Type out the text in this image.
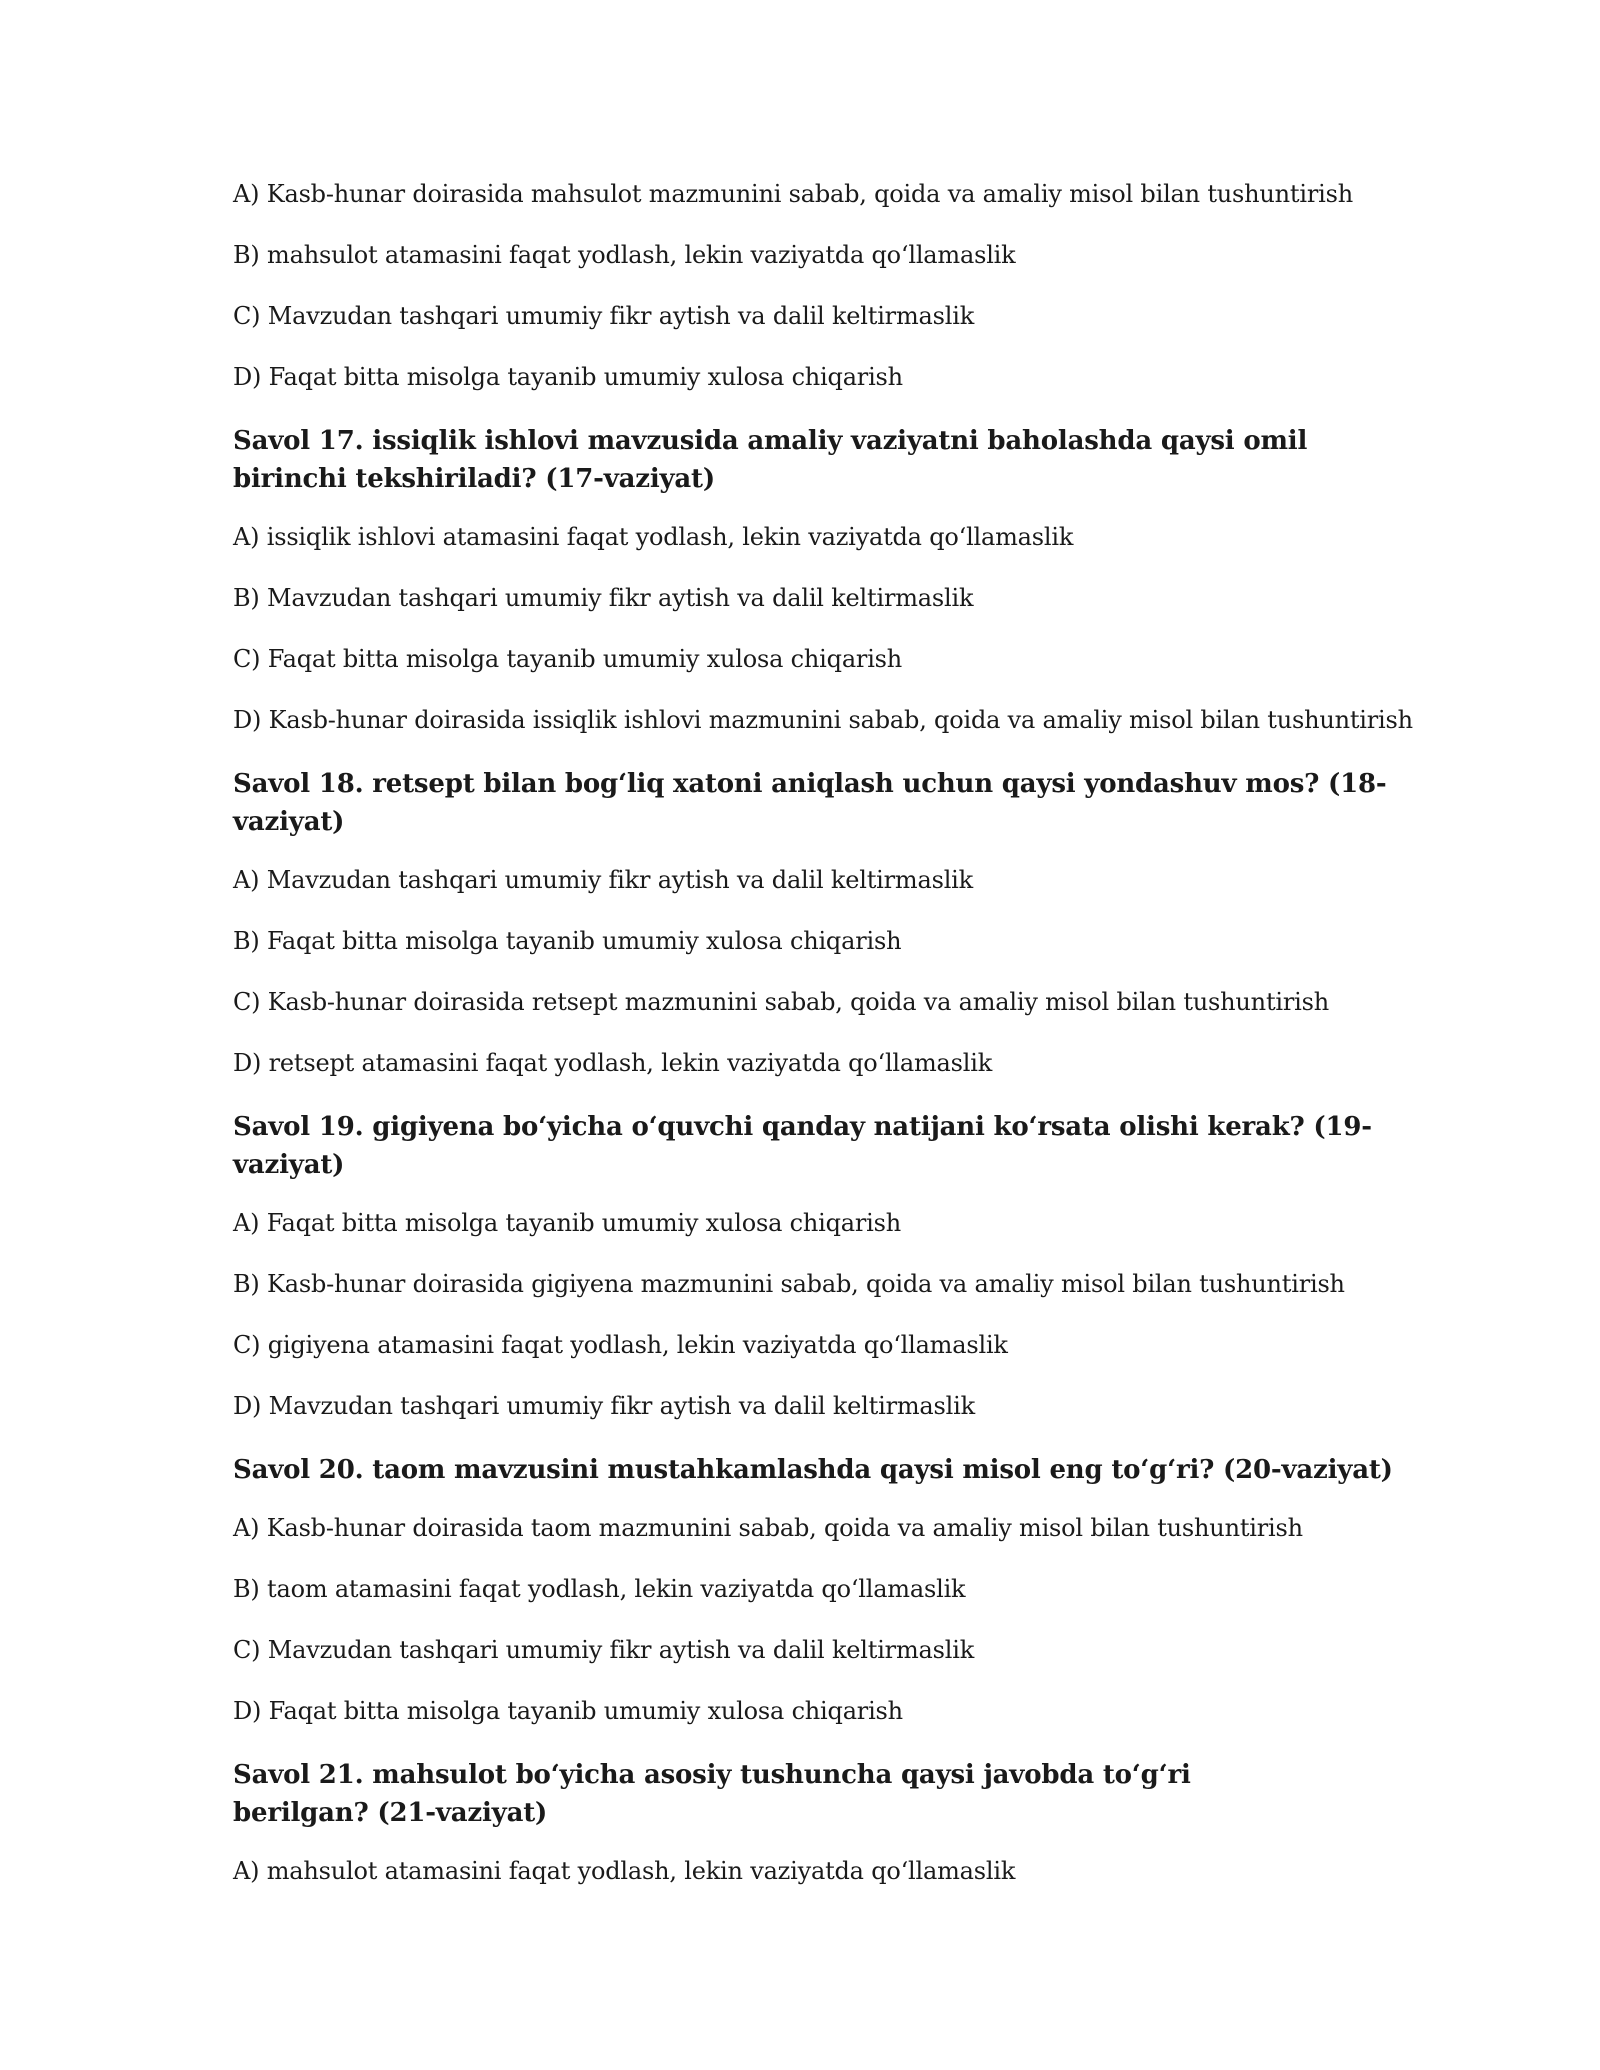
A) Kasb-hunar doirasida mahsulot mazmunini sabab, qoida va amaliy misol bilan tushuntirish

B) mahsulot atamasini faqat yodlash, lekin vaziyatda qo‘llamaslik

C) Mavzudan tashqari umumiy fikr aytish va dalil keltirmaslik

D) Faqat bitta misolga tayanib umumiy xulosa chiqarish

Savol 17. issiqlik ishlovi mavzusida amaliy vaziyatni baholashda qaysi omil birinchi tekshiriladi? (17-vaziyat)

A) issiqlik ishlovi atamasini faqat yodlash, lekin vaziyatda qo‘llamaslik

B) Mavzudan tashqari umumiy fikr aytish va dalil keltirmaslik

C) Faqat bitta misolga tayanib umumiy xulosa chiqarish

D) Kasb-hunar doirasida issiqlik ishlovi mazmunini sabab, qoida va amaliy misol bilan tushuntirish

Savol 18. retsept bilan bog‘liq xatoni aniqlash uchun qaysi yondashuv mos? (18-vaziyat)

A) Mavzudan tashqari umumiy fikr aytish va dalil keltirmaslik

B) Faqat bitta misolga tayanib umumiy xulosa chiqarish

C) Kasb-hunar doirasida retsept mazmunini sabab, qoida va amaliy misol bilan tushuntirish

D) retsept atamasini faqat yodlash, lekin vaziyatda qo‘llamaslik

Savol 19. gigiyena bo‘yicha o‘quvchi qanday natijani ko‘rsata olishi kerak? (19-vaziyat)

A) Faqat bitta misolga tayanib umumiy xulosa chiqarish

B) Kasb-hunar doirasida gigiyena mazmunini sabab, qoida va amaliy misol bilan tushuntirish

C) gigiyena atamasini faqat yodlash, lekin vaziyatda qo‘llamaslik

D) Mavzudan tashqari umumiy fikr aytish va dalil keltirmaslik

Savol 20. taom mavzusini mustahkamlashda qaysi misol eng to‘g‘ri? (20-vaziyat)

A) Kasb-hunar doirasida taom mazmunini sabab, qoida va amaliy misol bilan tushuntirish

B) taom atamasini faqat yodlash, lekin vaziyatda qo‘llamaslik

C) Mavzudan tashqari umumiy fikr aytish va dalil keltirmaslik

D) Faqat bitta misolga tayanib umumiy xulosa chiqarish

Savol 21. mahsulot bo‘yicha asosiy tushuncha qaysi javobda to‘g‘ri berilgan? (21-vaziyat)

A) mahsulot atamasini faqat yodlash, lekin vaziyatda qo‘llamaslik
